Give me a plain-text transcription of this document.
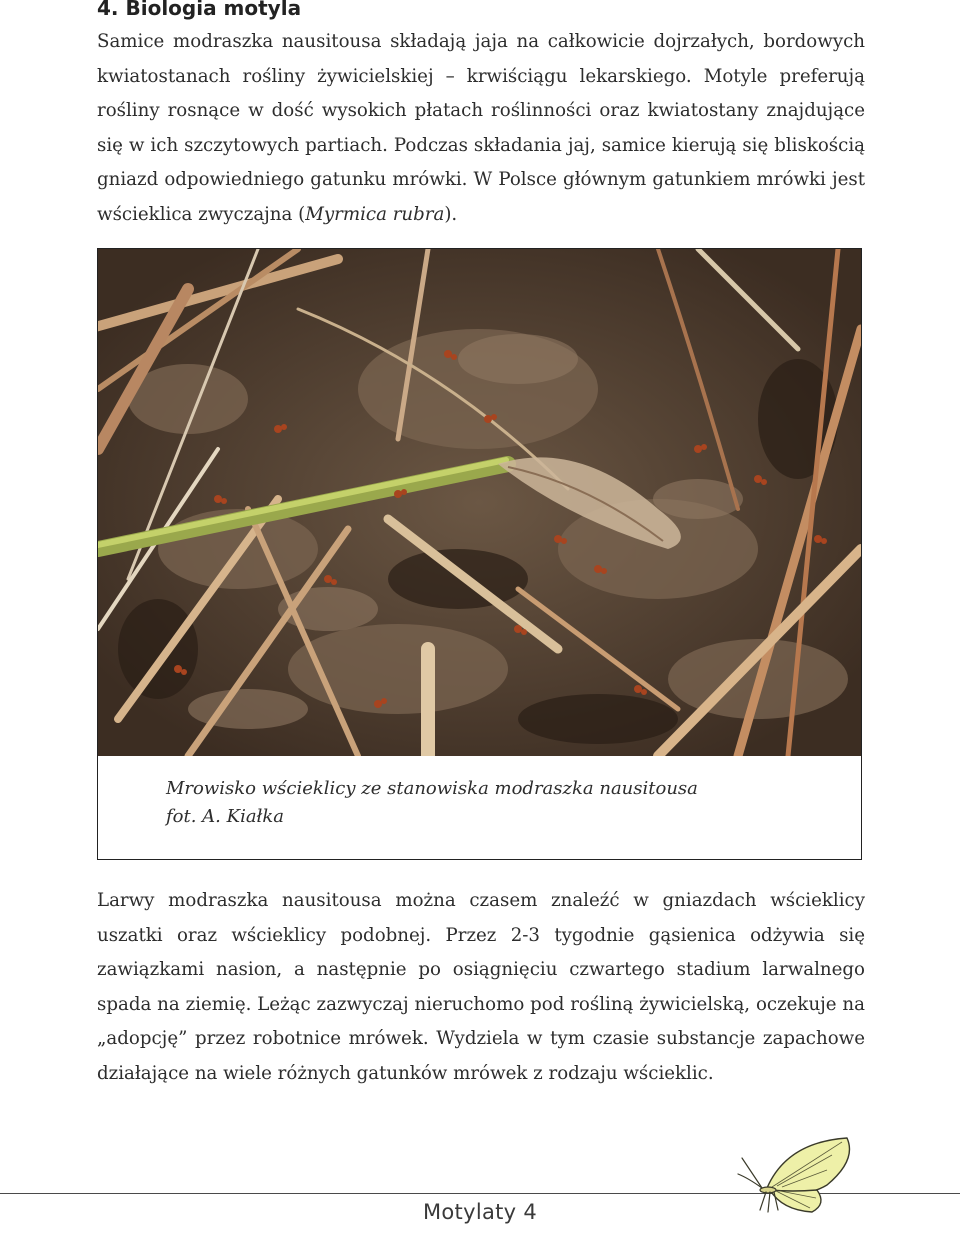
4. Biologia motyla

Samice modraszka nausitousa składają jaja na całkowicie dojrzałych, bordowych kwiatostanach rośliny żywicielskiej – krwiściągu lekarskiego. Motyle preferują rośliny rosnące w dość wysokich płatach roślinności oraz kwiatostany znajdujące się w ich szczytowych partiach. Podczas składania jaj, samice kierują się bliskością gniazd odpowiedniego gatunku mrówki. W Polsce głównym gatunkiem mrówki jest wścieklica zwyczajna (Myrmica rubra).

Mrowisko wścieklicy ze stanowiska modraszka nausitousa
fot. A. Kiałka

Larwy modraszka nausitousa można czasem znaleźć w gniazdach wścieklicy uszatki oraz wścieklicy podobnej. Przez 2-3 tygodnie gąsienica odżywia się zawiązkami nasion, a następnie po osiągnięciu czwartego stadium larwalnego spada na ziemię. Leżąc zazwyczaj nieruchomo pod rośliną żywicielską, oczekuje na „adopcję” przez robotnice mrówek. Wydziela w tym czasie substancje zapachowe działające na wiele różnych gatunków mrówek z rodzaju wścieklic.

Motylaty 4
